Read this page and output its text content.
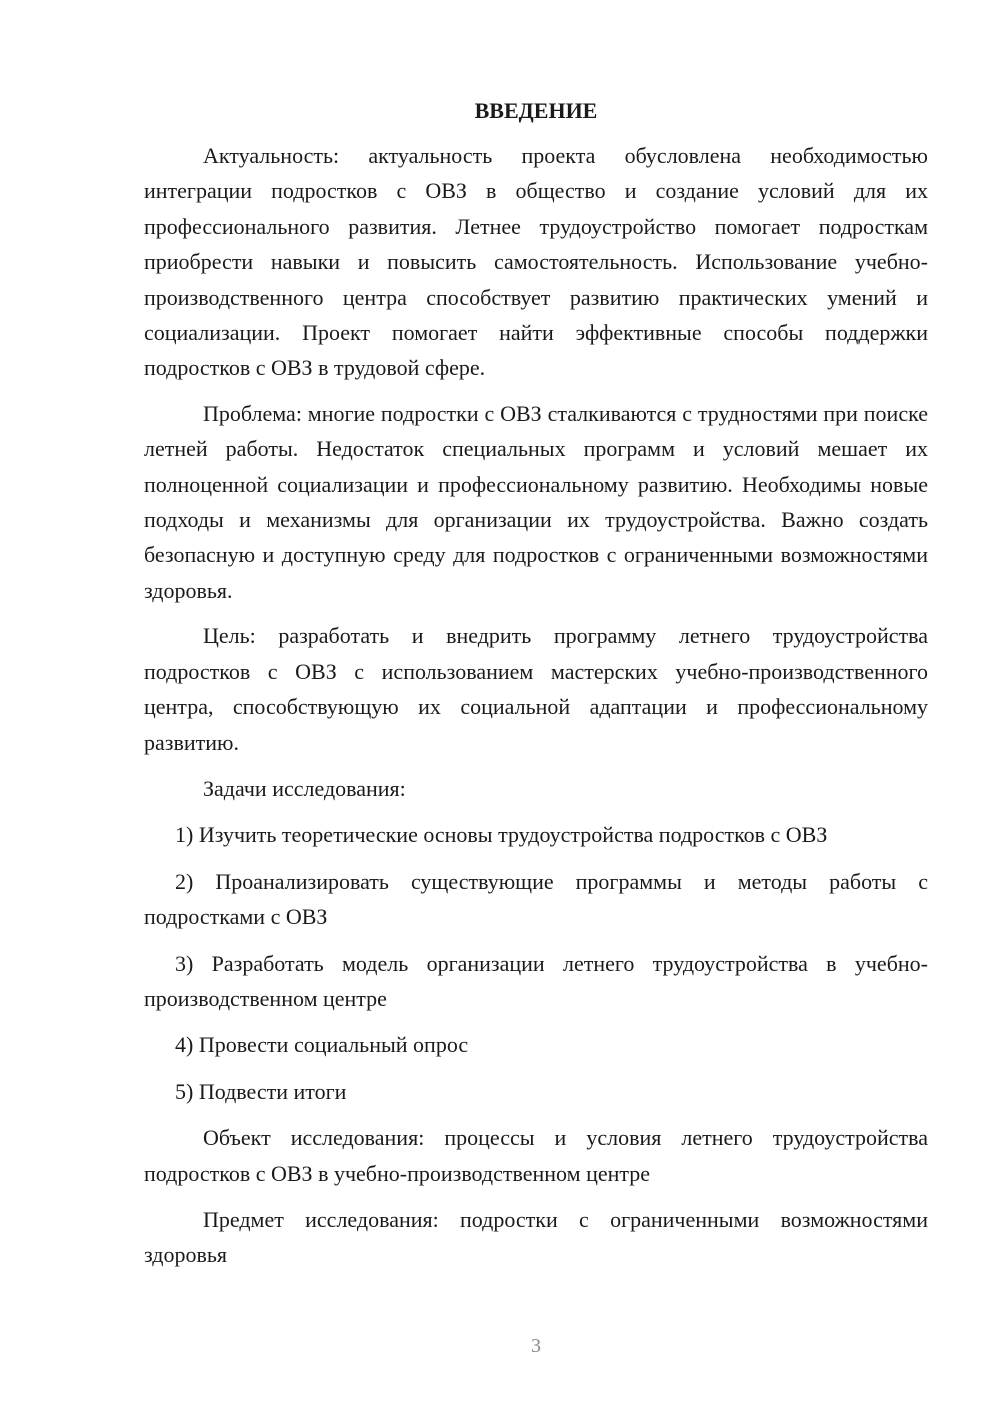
ВВЕДЕНИЕ

Актуальность: актуальность проекта обусловлена необходимостью интеграции подростков с ОВЗ в общество и создание условий для их профессионального развития. Летнее трудоустройство помогает подросткам приобрести навыки и повысить самостоятельность. Использование учебно-производственного центра способствует развитию практических умений и социализации. Проект помогает найти эффективные способы поддержки подростков с ОВЗ в трудовой сфере.

Проблема: многие подростки с ОВЗ сталкиваются с трудностями при поиске летней работы. Недостаток специальных программ и условий мешает их полноценной социализации и профессиональному развитию. Необходимы новые подходы и механизмы для организации их трудоустройства. Важно создать безопасную и доступную среду для подростков с ограниченными возможностями здоровья.

Цель: разработать и внедрить программу летнего трудоустройства подростков с ОВЗ с использованием мастерских учебно-производственного центра, способствующую их социальной адаптации и профессиональному развитию.

Задачи исследования:

1) Изучить теоретические основы трудоустройства подростков с ОВЗ

2) Проанализировать существующие программы и методы работы с подростками с ОВЗ

3) Разработать модель организации летнего трудоустройства в учебно-производственном центре

4) Провести социальный опрос

5) Подвести итоги

Объект исследования: процессы и условия летнего трудоустройства подростков с ОВЗ в учебно-производственном центре

Предмет исследования: подростки с ограниченными возможностями здоровья

3
